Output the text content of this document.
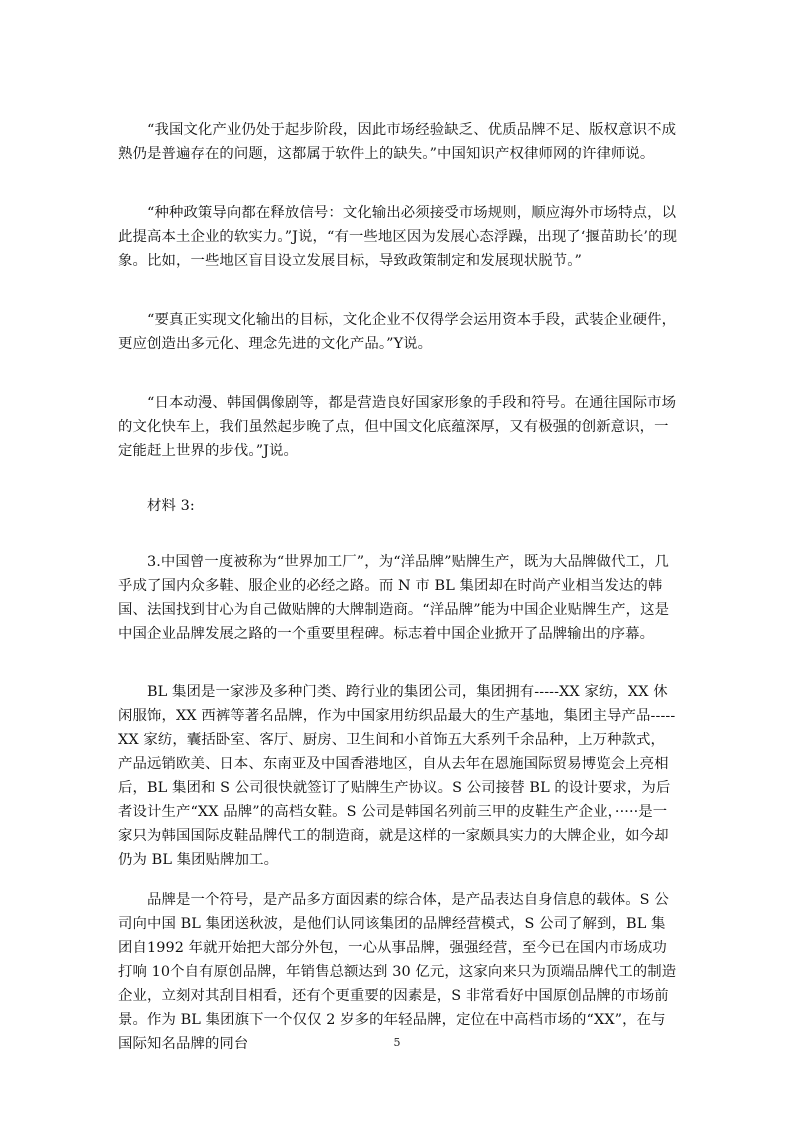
“我国文化产业仍处于起步阶段，因此市场经验缺乏、优质品牌不足、版权意识不成熟仍是普遍存在的问题，这都属于软件上的缺失。”中国知识产权律师网的许律师说。

“种种政策导向都在释放信号：文化输出必须接受市场规则，顺应海外市场特点，以此提高本土企业的软实力。”J说，“有一些地区因为发展心态浮躁，出现了‘揠苗助长’的现象。比如，一些地区盲目设立发展目标，导致政策制定和发展现状脱节。”

“要真正实现文化输出的目标，文化企业不仅得学会运用资本手段，武装企业硬件，更应创造出多元化、理念先进的文化产品。”Y说。

“日本动漫、韩国偶像剧等，都是营造良好国家形象的手段和符号。在通往国际市场的文化快车上，我们虽然起步晚了点，但中国文化底蕴深厚，又有极强的创新意识，一定能赶上世界的步伐。”J说。

材料 3:

3.中国曾一度被称为“世界加工厂”，为“洋品牌”贴牌生产，既为大品牌做代工，几乎成了国内众多鞋、服企业的必经之路。而 N 市 BL 集团却在时尚产业相当发达的韩国、法国找到甘心为自己做贴牌的大牌制造商。“洋品牌”能为中国企业贴牌生产，这是中国企业品牌发展之路的一个重要里程碑。标志着中国企业掀开了品牌输出的序幕。

BL 集团是一家涉及多种门类、跨行业的集团公司，集团拥有-----XX 家纺，XX 休闲服饰，XX 西裤等著名品牌，作为中国家用纺织品最大的生产基地，集团主导产品-----XX 家纺，囊括卧室、客厅、厨房、卫生间和小首饰五大系列千余品种，上万种款式，产品远销欧美、日本、东南亚及中国香港地区，自从去年在恩施国际贸易博览会上亮相后，BL 集团和 S 公司很快就签订了贴牌生产协议。S 公司接替 BL 的设计要求，为后者设计生产“XX 品牌”的高档女鞋。S 公司是韩国名列前三甲的皮鞋生产企业，·····是一家只为韩国国际皮鞋品牌代工的制造商，就是这样的一家颇具实力的大牌企业，如今却仍为 BL 集团贴牌加工。

品牌是一个符号，是产品多方面因素的综合体，是产品表达自身信息的载体。S 公司向中国 BL 集团送秋波，是他们认同该集团的品牌经营模式，S 公司了解到，BL 集团自1992 年就开始把大部分外包，一心从事品牌，强强经营，至今已在国内市场成功打响 10个自有原创品牌，年销售总额达到 30 亿元，这家向来只为顶端品牌代工的制造企业，立刻对其刮目相看，还有个更重要的因素是，S 非常看好中国原创品牌的市场前景。作为 BL 集团旗下一个仅仅 2 岁多的年轻品牌，定位在中高档市场的“XX”，在与国际知名品牌的同台	5
